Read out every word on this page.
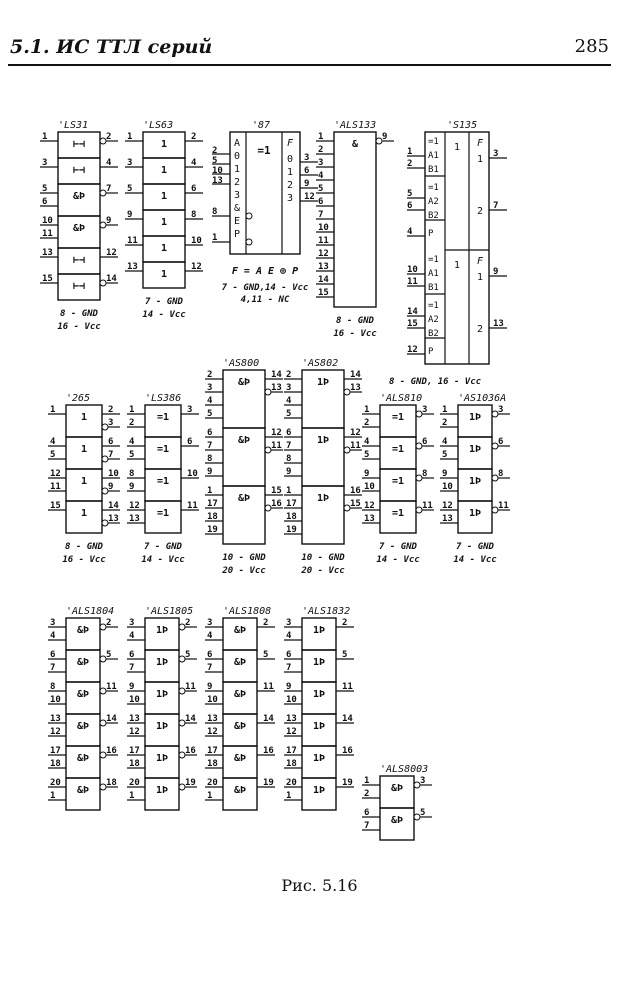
5.1. ИС ТТЛ серий	285
'LS31
⊢⊣
1	2
⊢⊣
3	4
&Þ
5
6
7
&Þ
10
11
9
⊢⊣
13	12
⊢⊣
15	14
8 - GND
16 - Vcc
'LS63
1
1	2
1
3	4
1
5	6
1
9	8
1
11	10
1
13	12
7 - GND
14 - Vcc
'ALS133
&
1
2
3
4
5
6
7
10
11
12
13
14
15
9
8 - GND
16 - Vcc
'AS800
&Þ
2
3
4
5
14
13
&Þ
6
7
8
9
12
11
&Þ
1
17
18
19
15
16
10 - GND
20 - Vcc
'AS802
1Þ
2
3
4
5
14
13
1Þ
6
7
8
9
12
11
1Þ
1
17
18
19
16
15
10 - GND
20 - Vcc
'265
1
1	2
3
1
4
5
6
7
1
12
11
10
9
1
15	14
13
8 - GND
16 - Vcc
'LS386
=1
1
2
3
=1
4
5
6
=1
8
9
10
=1
12
13
11
7 - GND
14 - Vcc
'ALS810
=1
1
2
3
=1
4
5
6
=1
9
10
8
=1
12
13
11
7 - GND
14 - Vcc
'AS1036A
1Þ
1
2
3
1Þ
4
5
6
1Þ
9
10
8
1Þ
12
13
11
7 - GND
14 - Vcc
'ALS1804
&Þ
3
4
2
&Þ
6
7
5
&Þ
8
10
11
&Þ
13
12
14
&Þ
17
18
16
&Þ
20
1
18
'ALS1805
1Þ
3
4
2
1Þ
6
7
5
1Þ
9
10
11
1Þ
13
12
14
1Þ
17
18
16
1Þ
20
1
19
'ALS1808
&Þ
3
4
2
&Þ
6
7
5
&Þ
9
10
11
&Þ
13
12
14
&Þ
17
18
16
&Þ
20
1
19
'ALS1832
1Þ
3
4
2
1Þ
6
7
5
1Þ
9
10
11
1Þ
13
12
14
1Þ
17
18
16
1Þ
20
1
19
'ALS8003
&Þ
1
2
3
&Þ
6
7
5
'87
A
0
1
2
3
&
E
P
=1
F
0
1
2
3
2
5
10
13
8
1
3
6
9
12
F = A E ⊕ P
7 - GND,14 - Vcc
4,11 - NC
'S135
=1
A1
B1
=1
A2
B2
P
1
2
5
6
4
1 F
1
2
3
7
=1
A1
B1
=1
A2
B2
P
10
11
14
15
12
1 F
1
2
9
13
8 - GND, 16 - Vcc
Рис. 5.16
